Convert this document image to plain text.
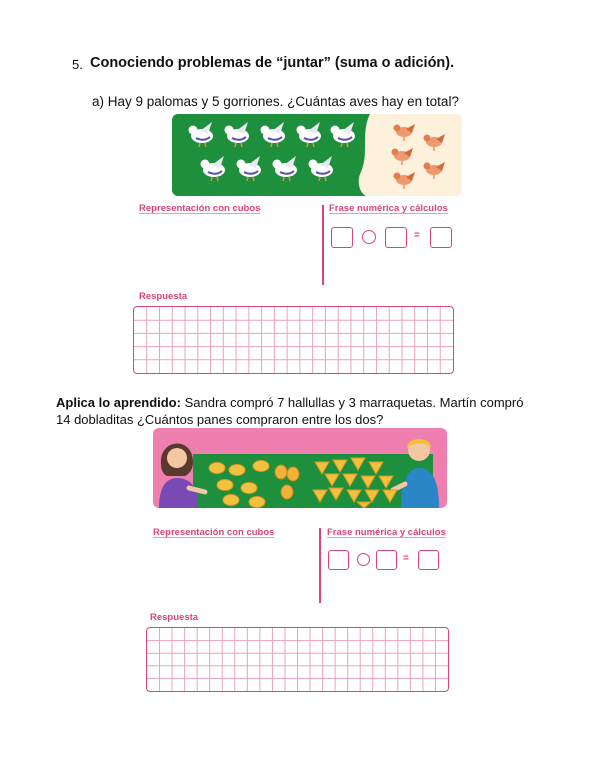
5. Conociendo problemas de “juntar” (suma o adición).
a) Hay 9 palomas y 5 gorriones. ¿Cuántas aves hay en total?
Representación con cubos	Frase numérica y cálculos
=
Respuesta
Aplica lo aprendido: Sandra compró 7 hallullas y 3 marraquetas. Martín compró 14 dobladitas ¿Cuántos panes compraron entre los dos?
Representación con cubos	Frase numérica y cálculos
=
Respuesta
